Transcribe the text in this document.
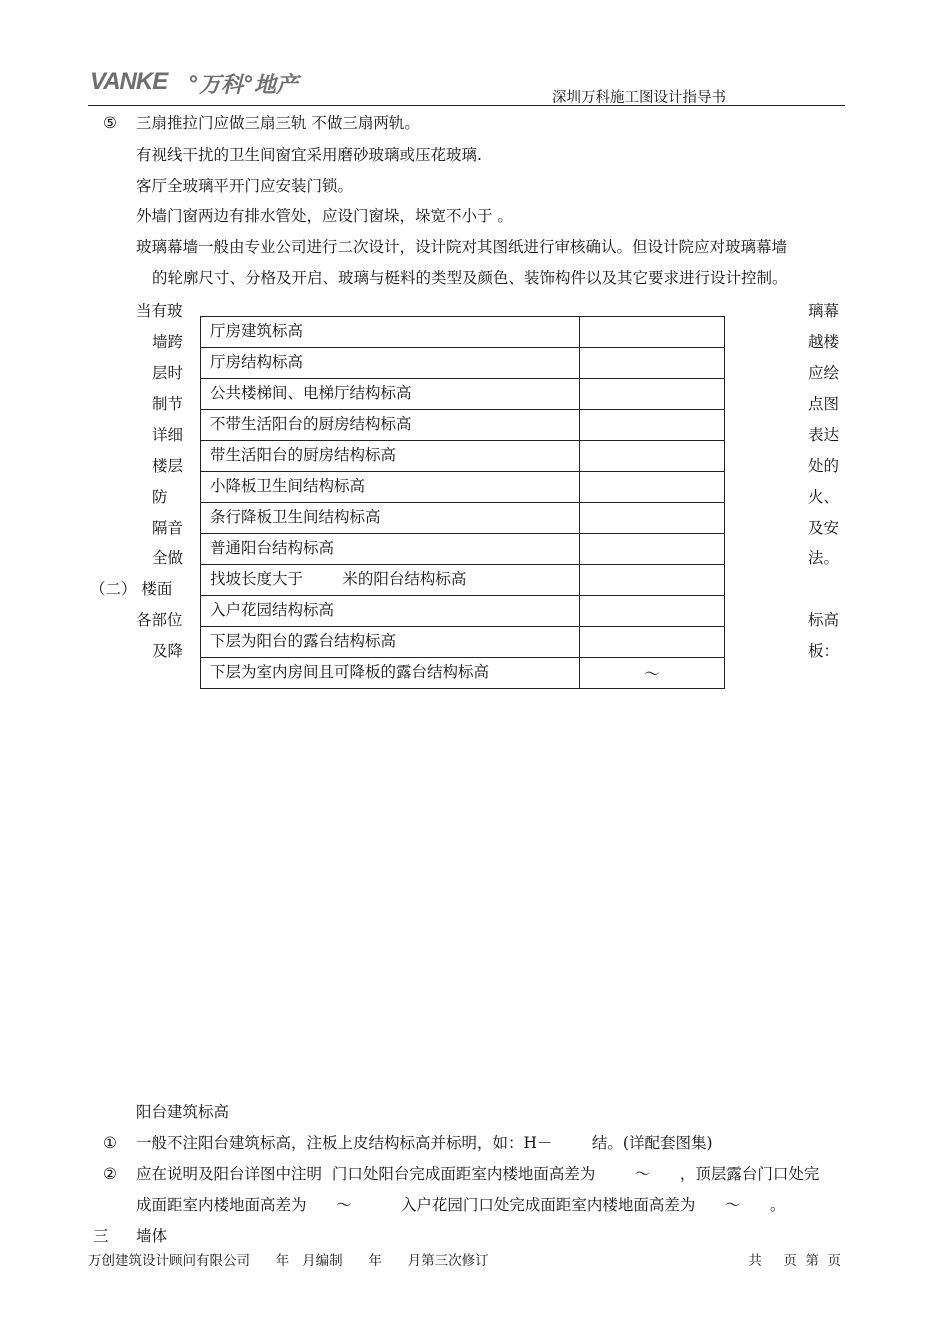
VANKE °万科°地产	深圳万科施工图设计指导书
⑤ 三扇推拉门应做三扇三轨 不做三扇两轨。
有视线干扰的卫生间窗宜采用磨砂玻璃或压花玻璃.
客厅全玻璃平开门应安装门锁。
外墙门窗两边有排水管处，应设门窗垛，垛宽不小于 。
玻璃幕墙一般由专业公司进行二次设计，设计院对其图纸进行审核确认。但设计院应对玻璃幕墙
的轮廓尺寸、分格及开启、玻璃与梃料的类型及颜色、装饰构件以及其它要求进行设计控制。
当有玻
墙跨
层时
制节
详细
楼层
防
隔音
全做
（二） 楼面
各部位
及降
璃幕
越楼
应绘
点图
表达
处的
火、
及安
法。
标高
板：
厅房建筑标高	
厅房结构标高	
公共楼梯间、电梯厅结构标高	
不带生活阳台的厨房结构标高	
带生活阳台的厨房结构标高	
小降板卫生间结构标高	
条行降板卫生间结构标高	
普通阳台结构标高	
找坡长度大于        米的阳台结构标高	
入户花园结构标高	
下层为阳台的露台结构标高	
下层为室内房间且可降板的露台结构标高	～
阳台建筑标高
① 一般不注阳台建筑标高，注板上皮结构标高并标明，如：H－        结。(详配套图集)
② 应在说明及阳台详图中注明  门口处阳台完成面距室内楼地面高差为        ～      ，顶层露台门口处完
成面距室内楼地面高差为      ～          入户花园门口处完成面距室内楼地面高差为      ～      。
三 墙体
万创建筑设计顾问有限公司      年   月编制      年      月第三次修订	共     页  第  页
